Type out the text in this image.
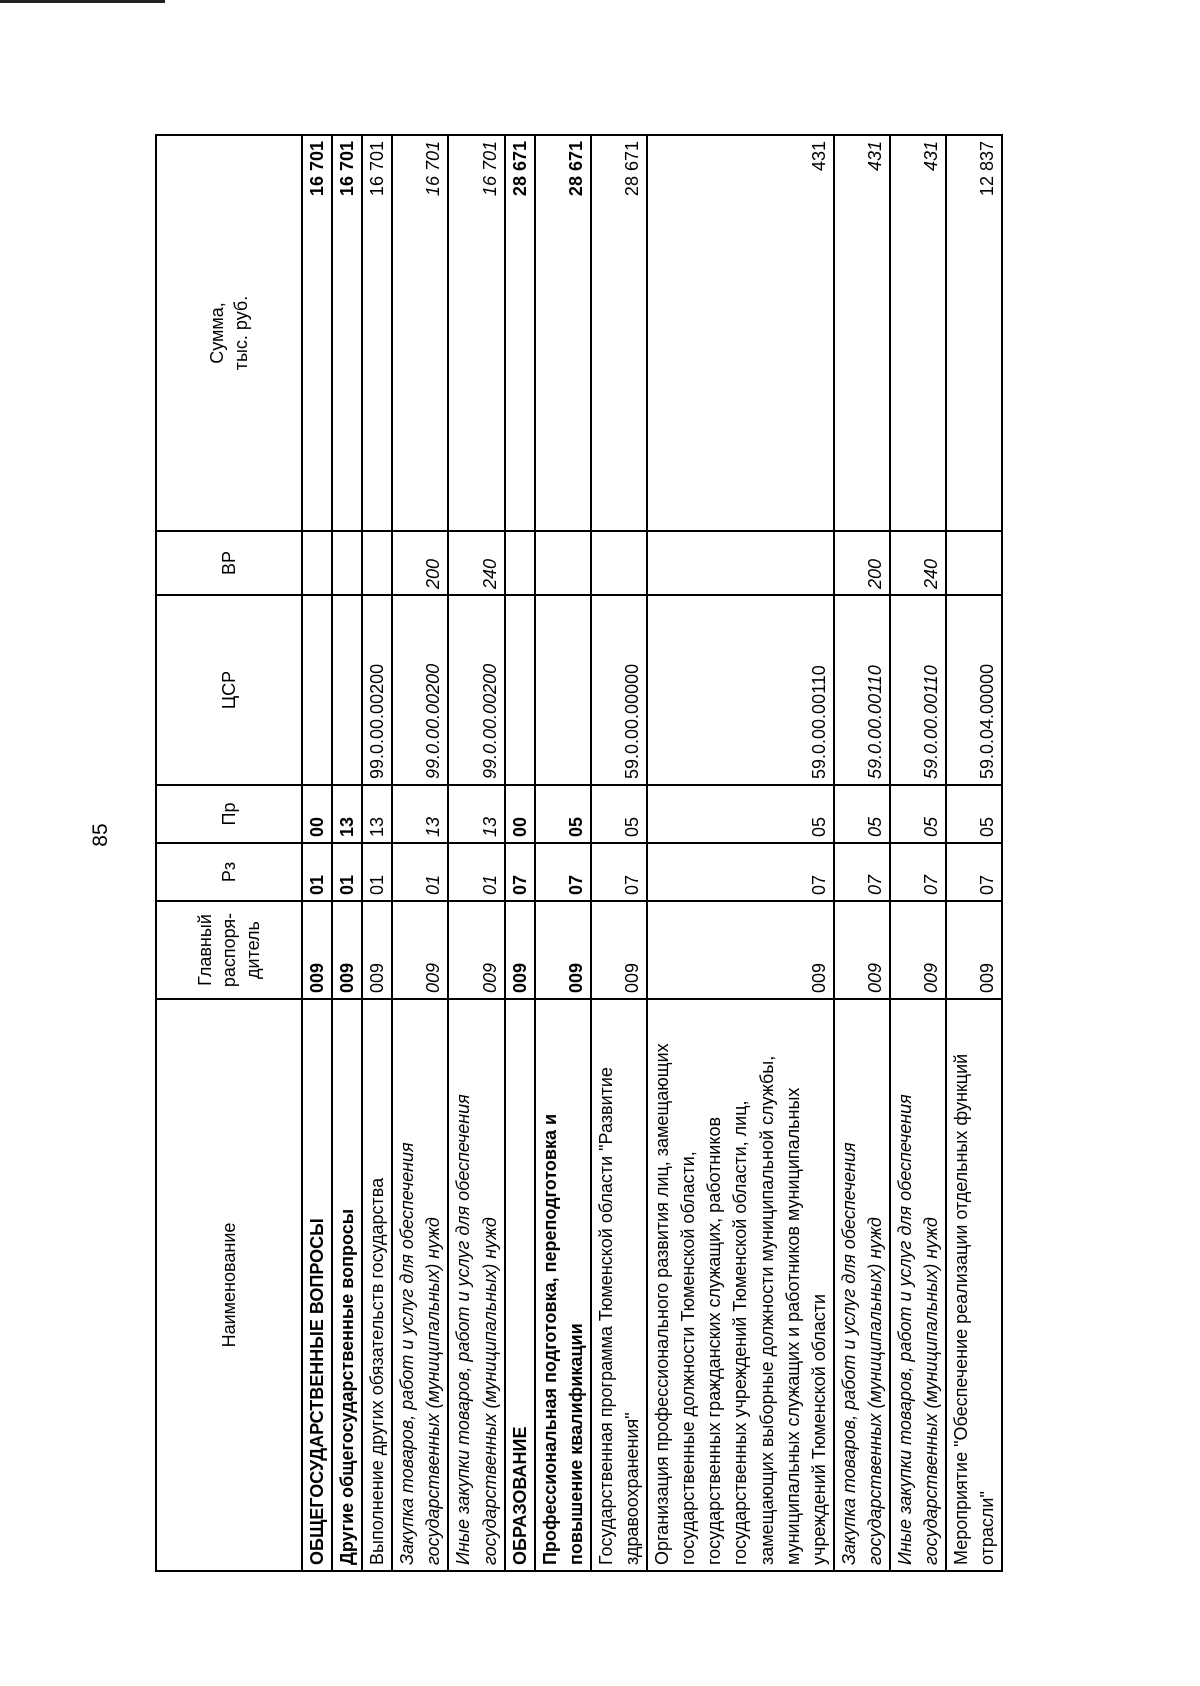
85
Наименование	Главный распоря-дитель	Рз	Пр	ЦСР	ВР	Сумма, тыс. руб.
ОБЩЕГОСУДАРСТВЕННЫЕ ВОПРОСЫ	009	01	00			16 701
Другие общегосударственные вопросы	009	01	13			16 701
Выполнение других обязательств государства	009	01	13	99.0.00.00200		16 701
Закупка товаров, работ и услуг для обеспечения государственных (муниципальных) нужд	009	01	13	99.0.00.00200	200	16 701
Иные закупки товаров, работ и услуг для обеспечения государственных (муниципальных) нужд	009	01	13	99.0.00.00200	240	16 701
ОБРАЗОВАНИЕ	009	07	00			28 671
Профессиональная подготовка, переподготовка и повышение квалификации	009	07	05			28 671
Государственная программа Тюменской области "Развитие здравоохранения"	009	07	05	59.0.00.00000		28 671
Организация профессионального развития лиц, замещающих государственные должности Тюменской области, государственных гражданских служащих, работников государственных учреждений Тюменской области, лиц, замещающих выборные должности муниципальной службы, муниципальных служащих и работников муниципальных учреждений Тюменской области	009	07	05	59.0.00.00110		431
Закупка товаров, работ и услуг для обеспечения государственных (муниципальных) нужд	009	07	05	59.0.00.00110	200	431
Иные закупки товаров, работ и услуг для обеспечения государственных (муниципальных) нужд	009	07	05	59.0.00.00110	240	431
Мероприятие "Обеспечение реализации отдельных функций отрасли"	009	07	05	59.0.04.00000		12 837
